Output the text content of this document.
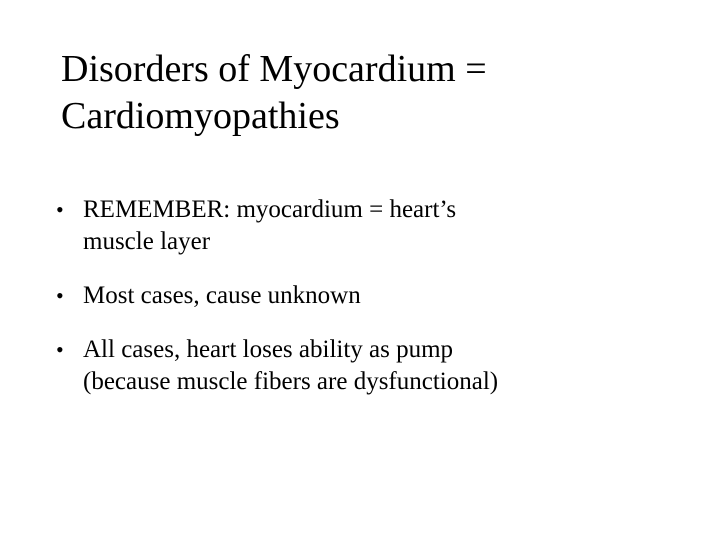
Disorders of Myocardium =
Cardiomyopathies
• REMEMBER: myocardium = heart’s
muscle layer
• Most cases, cause unknown
• All cases, heart loses ability as pump
(because muscle fibers are dysfunctional)
